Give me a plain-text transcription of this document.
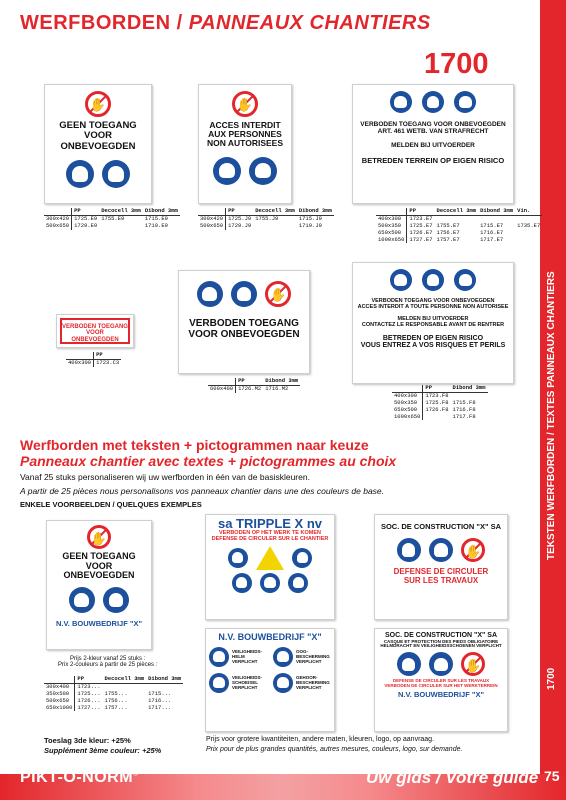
TEKSTEN WERFBORDEN / TEXTES PANNEAUX CHANTIERS
1700
WERFBORDEN / PANNEAUX CHANTIERS
1700
✋
GEEN TOEGANG
VOOR
ONBEVOEGDEN

	PP	Decocell 3mm	Dibond 3mm
300x420	1725.E9	1755.E9	1715.E9
500x650	1729.E9		1719.E9
✋
ACCES INTERDIT
AUX PERSONNES
NON AUTORISEES

	PP	Decocell 3mm	Dibond 3mm
300x420	1725.J9	1755.J9	1715.J9
500x650	1729.J9		1719.J9

VERBODEN TOEGANG VOOR ONBEVOEGDEN
ART. 461 WETB. VAN STRAFRECHT
MELDEN BIJ UITVOERDER
BETREDEN TERREIN OP EIGEN RISICO
	PP	Decocell 3mm	Dibond 3mm	Vin.
400x300	1723.E7			
500x350	1725.E7	1755.E7	1715.E7	1735.E7
650x500	1726.E7	1756.E7	1716.E7	
1000x650	1727.E7	1757.E7	1717.E7	
VERBODEN TOEGANG
VOOR ONBEVOEGDEN
	PP
400x300	1723.C3
✋
VERBODEN TOEGANG
VOOR ONBEVOEGDEN
	PP	Dibond 3mm
600x400	1726.M2	1716.M2

VERBODEN TOEGANG VOOR ONBEVOEGDEN
ACCES INTERDIT A TOUTE PERSONNE NON AUTORISEE
MELDEN BIJ UITVOERDER
CONTACTEZ LE RESPONSABLE AVANT DE RENTRER
BETREDEN OP EIGEN RISICO
VOUS ENTREZ A VOS RISQUES ET PERILS
	PP	Dibond 3mm
400x300	1723.F8	
500x350	1725.F8	1715.F8
650x500	1726.F8	1716.F8
1000x650		1717.F8
Werfborden met teksten + pictogrammen naar keuze
Panneaux chantier avec textes + pictogrammes au choix
Vanaf 25 stuks personaliseren wij uw werfborden in één van de basiskleuren.
A partir de 25 pièces nous personalisons vos panneaux chantier dans une des couleurs de base.
ENKELE VOORBEELDEN / QUELQUES EXEMPLES
✋
GEEN TOEGANG
VOOR
ONBEVOEGDEN

N.V. BOUWBEDRIJF "X"
Prijs 2-kleur vanaf 25 stuks :
Prix 2-couleurs à partir de 25 pièces :
	PP	Decocell 3mm	Dibond 3mm
300x400	1723...		
350x500	1725...	1755...	1715...
500x650	1726...	1756...	1716...
650x1000	1727...	1757...	1717...
sa TRIPPLE X nv
VERBODEN OP HET WERK TE KOMEN
DEFENSE DE CIRCULER SUR LE CHANTIER

SOC. DE CONSTRUCTION "X" SA
✋
DEFENSE DE CIRCULER
SUR LES TRAVAUX
N.V. BOUWBEDRIJF "X"
VEILIGHEIDS-HELM VERPLICHT
OOG-BESCHERMING VERPLICHT
VEILIGHEIDS-SCHOEISEL VERPLICHT
GEHOOR-BESCHERMING VERPLICHT
SOC. DE CONSTRUCTION "X" SA
CASQUE ET PROTECTION DES PIEDS OBLIGATOIRE
HELMDRACHT EN VEILIGHEIDSSCHOENEN VERPLICHT
✋
DEFENSE DE CIRCULER SUR LES TRAVAUX
VERBODEN DE CIRCULER SUR HET WERKTERREIN
N.V. BOUWBEDRIJF "X"
Toeslag 3de kleur: +25%
Supplément 3ème couleur: +25%
Prijs voor grotere kwantiteiten, andere maten, kleuren, logo, op aanvraag.
Prix pour de plus grandes quantités, autres mesures, couleurs, logo, sur demande.
PIKT-O-NORM®	Uw gids / Votre guide 75
